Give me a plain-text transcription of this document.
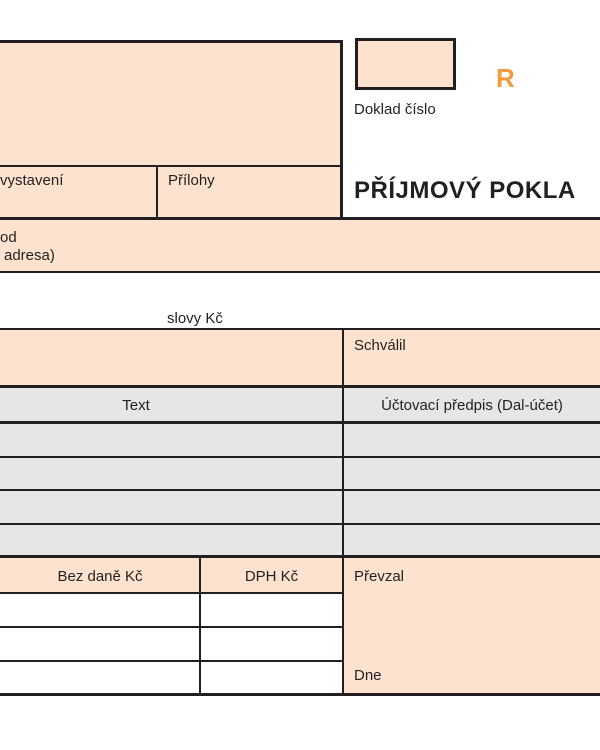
vystavení	Přílohy
Doklad číslo
R
PŘÍJMOVÝ POKLA
od
adresa)
slovy Kč
Schválil
Text	Účtovací předpis (Dal-účet)
Bez daně Kč	DPH Kč	Převzal
Dne
